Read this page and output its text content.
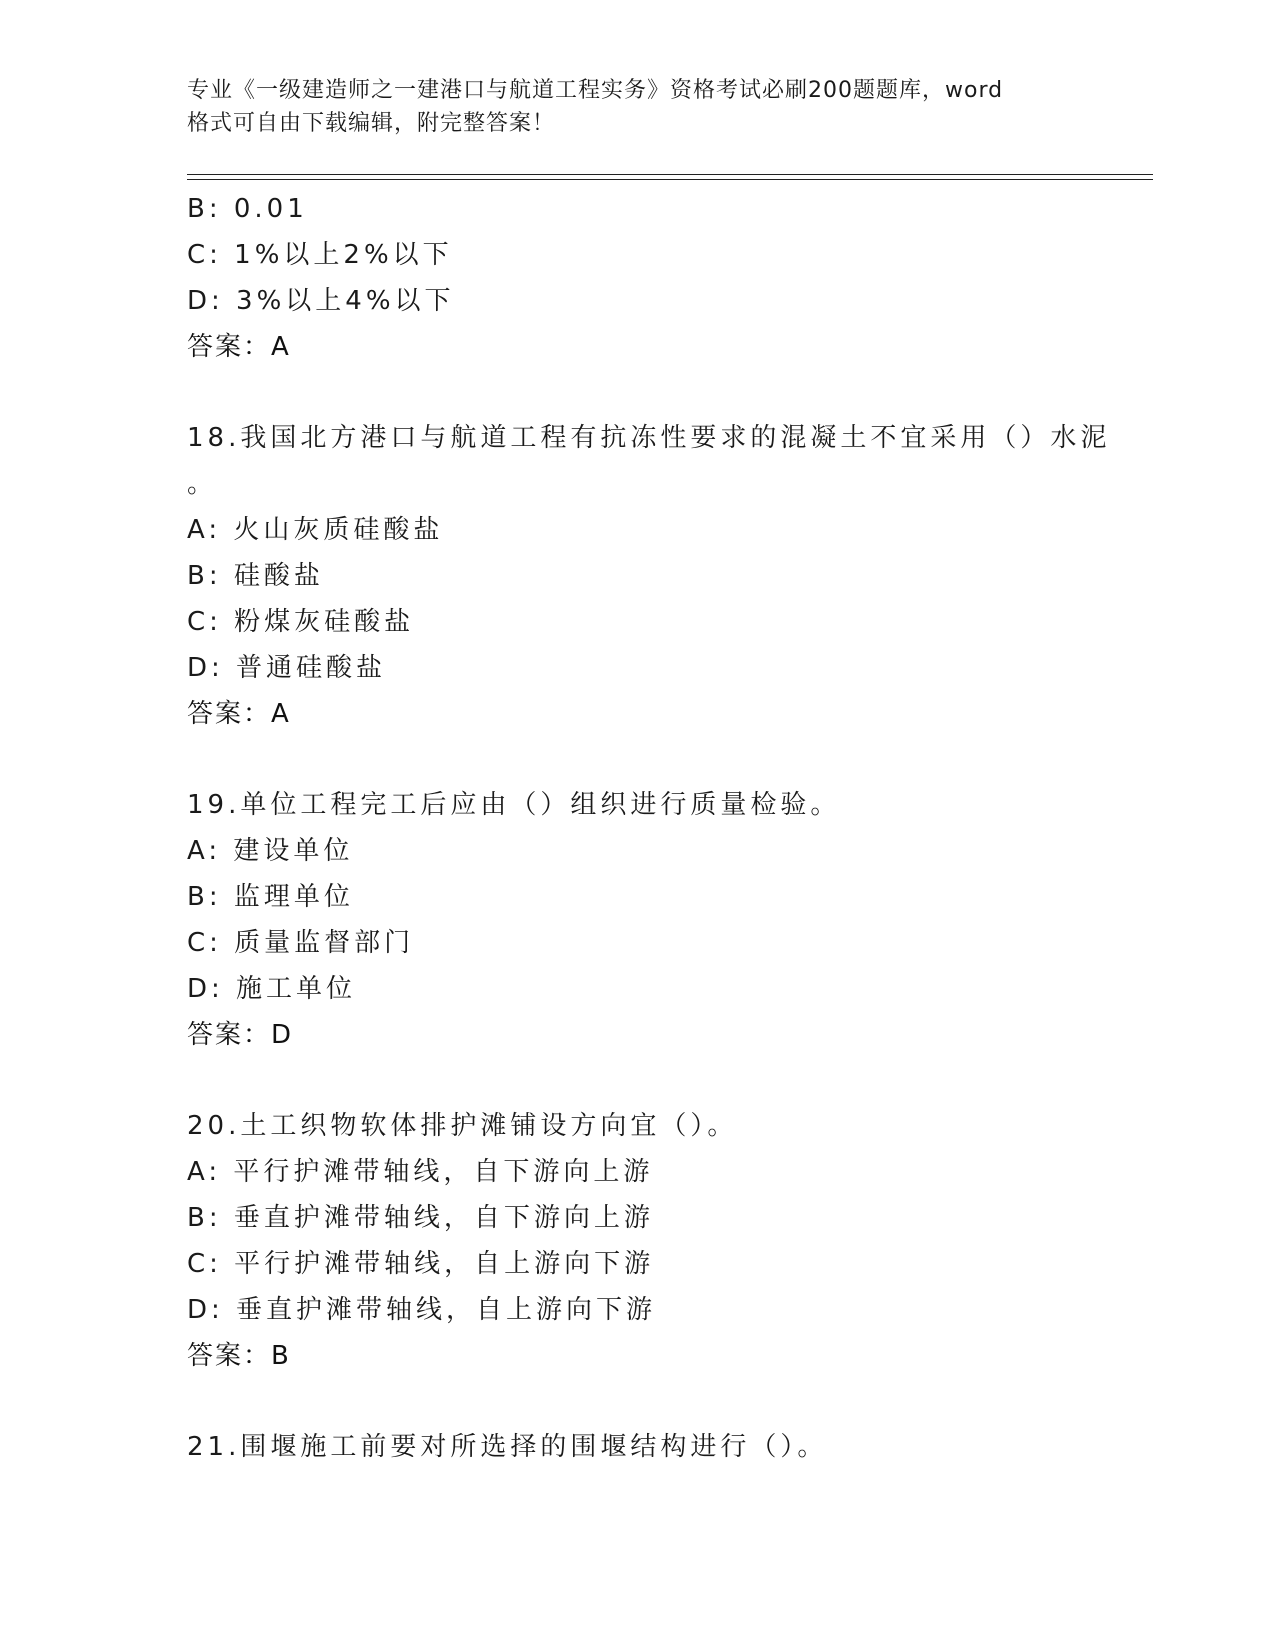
专业《一级建造师之一建港口与航道工程实务》资格考试必刷200题题库，word
格式可自由下载编辑，附完整答案！
B: 0.01
C: 1%以上2%以下
D: 3%以上4%以下
答案：A
18.我国北方港口与航道工程有抗冻性要求的混凝土不宜采用（）水泥
。
A: 火山灰质硅酸盐
B: 硅酸盐
C: 粉煤灰硅酸盐
D: 普通硅酸盐
答案：A
19.单位工程完工后应由（）组织进行质量检验。
A: 建设单位
B: 监理单位
C: 质量监督部门
D: 施工单位
答案：D
20.土工织物软体排护滩铺设方向宜（）。
A: 平行护滩带轴线，自下游向上游
B: 垂直护滩带轴线，自下游向上游
C: 平行护滩带轴线，自上游向下游
D: 垂直护滩带轴线，自上游向下游
答案：B
21.围堰施工前要对所选择的围堰结构进行（）。
